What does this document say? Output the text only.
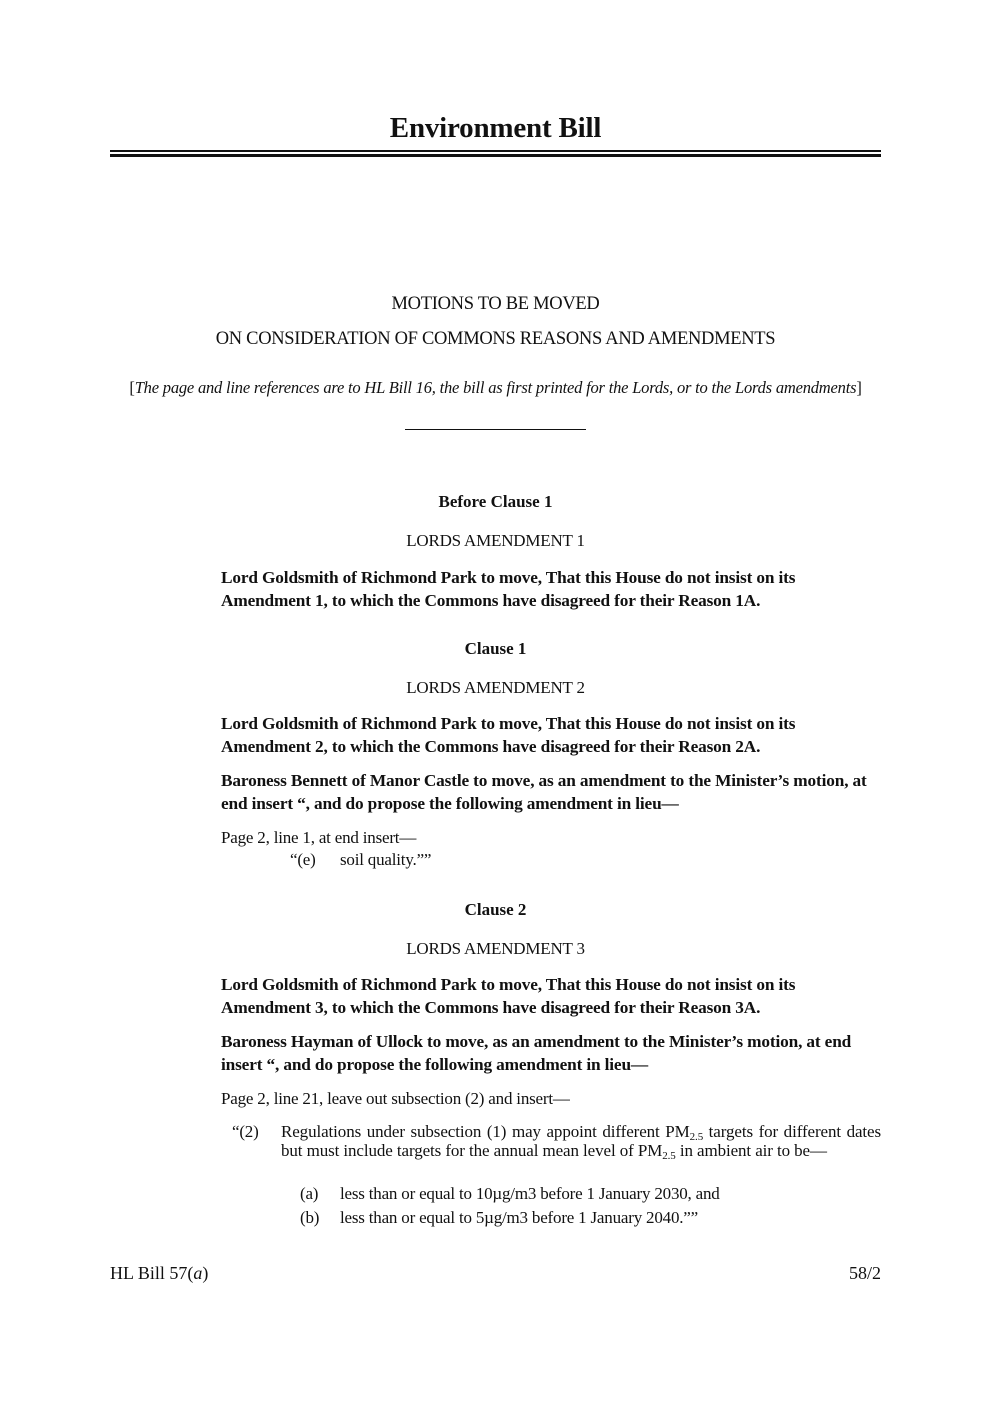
Environment Bill
MOTIONS TO BE MOVED
ON CONSIDERATION OF COMMONS REASONS AND AMENDMENTS
[The page and line references are to HL Bill 16, the bill as first printed for the Lords, or to the Lords amendments]
Before Clause 1
LORDS AMENDMENT 1
Lord Goldsmith of Richmond Park to move, That this House do not insist on its Amendment 1, to which the Commons have disagreed for their Reason 1A.
Clause 1
LORDS AMENDMENT 2
Lord Goldsmith of Richmond Park to move, That this House do not insist on its Amendment 2, to which the Commons have disagreed for their Reason 2A.
Baroness Bennett of Manor Castle to move, as an amendment to the Minister’s motion, at end insert “, and do propose the following amendment in lieu—
Page 2, line 1, at end insert—
“(e) soil quality.””
Clause 2
LORDS AMENDMENT 3
Lord Goldsmith of Richmond Park to move, That this House do not insist on its Amendment 3, to which the Commons have disagreed for their Reason 3A.
Baroness Hayman of Ullock to move, as an amendment to the Minister’s motion, at end insert “, and do propose the following amendment in lieu—
Page 2, line 21, leave out subsection (2) and insert—
“(2) Regulations under subsection (1) may appoint different $PM_{2.5}$ targets for different dates but must include targets for the annual mean level of $PM_{2.5}$ in ambient air to be—
(a) less than or equal to 10µg/m3 before 1 January 2030, and
(b) less than or equal to 5µg/m3 before 1 January 2040.””
HL Bill 57(a)	58/2
